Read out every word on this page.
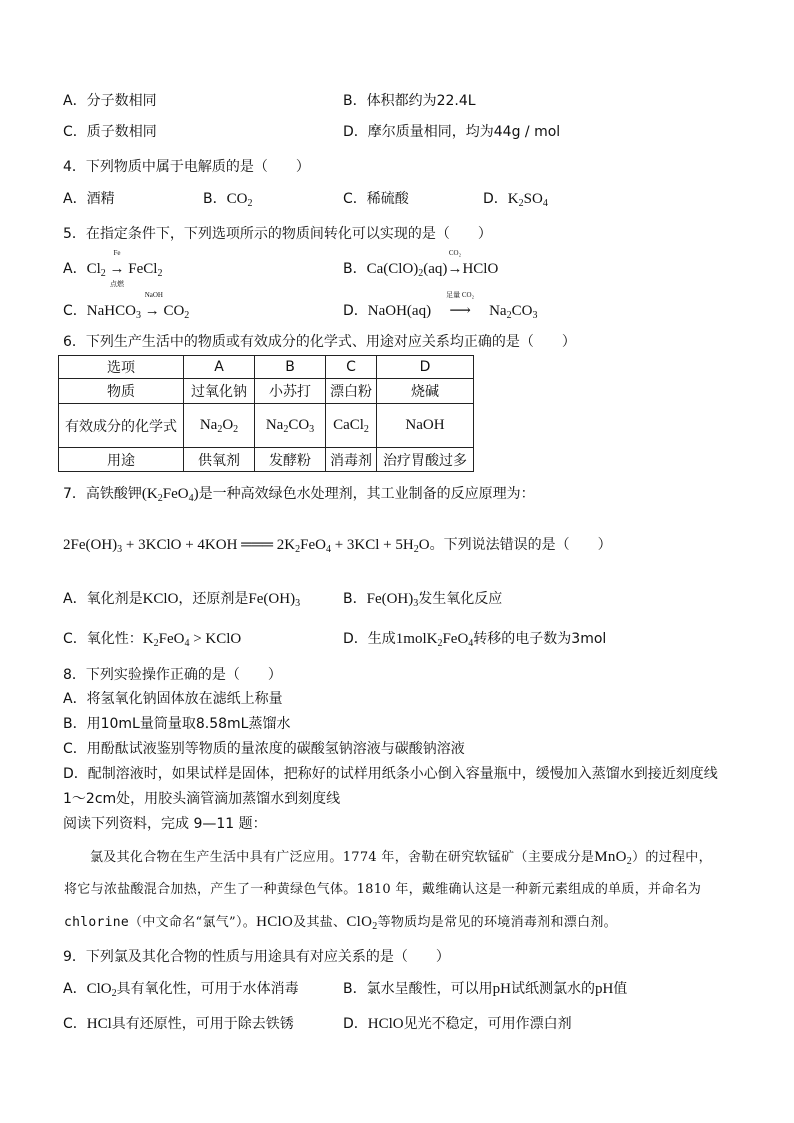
A．分子数相同	B．体积都约为22.4L
C．质子数相同	D．摩尔质量相同，均为44g / mol
4．下列物质中属于电解质的是（　　）
A．酒精	B．$CO_2$	C．稀硫酸	D．$K_2SO_4$
5．在指定条件下，下列选项所示的物质间转化可以实现的是（　　）
A．$Cl_2$
Fe
→
点燃
FeCl$_2$	B．$Ca(ClO)_2(aq)$
CO₂
→HClO
C．NaHCO$_3$
NaOH
→ $CO_2$	D．NaOH(aq)
足量 CO₂
⟶ $Na_2CO_3$
6．下列生产生活中的物质或有效成分的化学式、用途对应关系均正确的是（　　）
选项	A	B	C	D
物质	过氧化钠	小苏打	漂白粉	烧碱
有效成分的化学式	$Na_2O_2$	$Na_2CO_3$	CaCl$_2$	NaOH
用途	供氧剂	发酵粉	消毒剂	治疗胃酸过多
7．高铁酸钾$(K_2FeO_4)$是一种高效绿色水处理剂，其工业制备的反应原理为：
$2Fe(OH)_3$ + 3KClO + 4KOH ═══ $2K_2FeO_4 + 3KCl + 5H_2O$。下列说法错误的是（　　）
A．氧化剂是KClO，还原剂是$Fe(OH)_3$	B．$Fe(OH)_3$发生氧化反应
C．氧化性：$K_2FeO_4$ > KClO	D．生成1molK$_2$FeO$_4$转移的电子数为3mol
8．下列实验操作正确的是（　　）
A．将氢氧化钠固体放在滤纸上称量
B．用10mL量筒量取8.58mL蒸馏水
C．用酚酞试液鉴别等物质的量浓度的碳酸氢钠溶液与碳酸钠溶液
D．配制溶液时，如果试样是固体，把称好的试样用纸条小心倒入容量瓶中，缓慢加入蒸馏水到接近刻度线
1～2cm处，用胶头滴管滴加蒸馏水到刻度线
阅读下列资料，完成 9—11 题：
氯及其化合物在生产生活中具有广泛应用。1774 年，舍勒在研究软锰矿（主要成分是MnO$_2$）的过程中，
将它与浓盐酸混合加热，产生了一种黄绿色气体。1810 年，戴维确认这是一种新元素组成的单质，并命名为
chlorine（中文命名“氯气”）。HClO及其盐、ClO$_2$等物质均是常见的环境消毒剂和漂白剂。
9．下列氯及其化合物的性质与用途具有对应关系的是（　　）
A．ClO$_2$具有氧化性，可用于水体消毒	B．氯水呈酸性，可以用pH试纸测氯水的pH值
C．HCl具有还原性，可用于除去铁锈	D．HClO见光不稳定，可用作漂白剂
